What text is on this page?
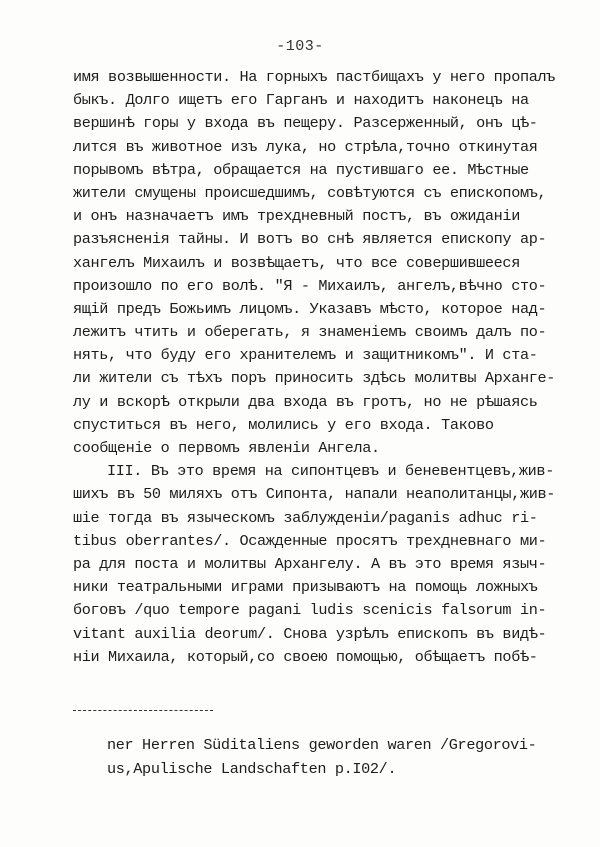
-103-
имя возвышенности. На горныхъ пастбищахъ у него пропалъ
быкъ. Долго ищетъ его Гарганъ и находитъ наконецъ на
вершинѣ горы у входа въ пещеру. Разсерженный, онъ цѣ-
лится въ животное изъ лука, но стрѣла,точно откинутая
порывомъ вѣтра, обращается на пустившаго ее. Мѣстные
жители смущены происшедшимъ, совѣтуются съ епископомъ,
и онъ назначаетъ имъ трехдневный постъ, въ ожиданіи
разъясненія тайны. И вотъ во снѣ является епископу ар-
хангелъ Михаилъ и возвѣщаетъ, что все совершившееся
произошло по его волѣ. "Я - Михаилъ, ангелъ,вѣчно сто-
ящій предъ Божьимъ лицомъ. Указавъ мѣсто, которое над-
лежитъ чтить и оберегать, я знаменіемъ своимъ далъ по-
нять, что буду его хранителемъ и защитникомъ". И ста-
ли жители съ тѣхъ поръ приносить здѣсь молитвы Арханге-
лу и вскорѣ открыли два входа въ гротъ, но не рѣшаясь
спуститься въ него, молились у его входа. Таково
сообщеніе о первомъ явленіи Ангела.
III. Въ это время на сипонтцевъ и беневентцевъ,жив-
шихъ въ 50 миляхъ отъ Сипонта, напали неаполитанцы,жив-
шіе тогда въ языческомъ заблужденіи/paganis adhuc ri-
tibus oberrantes/. Осажденные просятъ трехдневнаго ми-
ра для поста и молитвы Архангелу. А въ это время языч-
ники театральными играми призываютъ на помощь ложныхъ
боговъ /quo tempore pagani ludis scenicis falsorum in-
vitant auxilia deorum/. Снова узрѣлъ епископъ въ видѣ-
ніи Михаила, который,со своею помощью, обѣщаетъ побѣ-
ner Herren Süditaliens geworden waren /Gregorovi-
us,Apulische Landschaften p.I02/.
